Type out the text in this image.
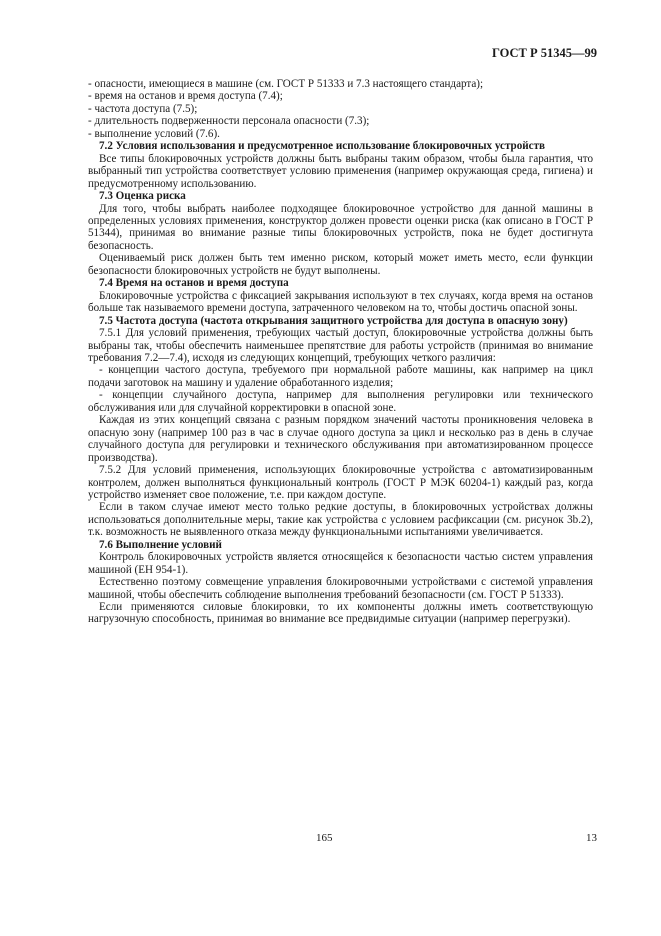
ГОСТ Р 51345—99

- опасности, имеющиеся в машине (см. ГОСТ Р 51333 и 7.3 настоящего стандарта);

- время на останов и время доступа (7.4);

- частота доступа (7.5);

- длительность подверженности персонала опасности (7.3);

- выполнение условий (7.6).

7.2 Условия использования и предусмотренное использование блокировочных устройств

Все типы блокировочных устройств должны быть выбраны таким образом, чтобы была гарантия, что выбранный тип устройства соответствует условию применения (например окружающая среда, гигиена) и предусмотренному использованию.

7.3 Оценка риска

Для того, чтобы выбрать наиболее подходящее блокировочное устройство для данной машины в определенных условиях применения, конструктор должен провести оценки риска (как описано в ГОСТ Р 51344), принимая во внимание разные типы блокировочных устройств, пока не будет достигнута безопасность.

Оцениваемый риск должен быть тем именно риском, который может иметь место, если функции безопасности блокировочных устройств не будут выполнены.

7.4 Время на останов и время доступа

Блокировочные устройства с фиксацией закрывания используют в тех случаях, когда время на останов больше так называемого времени доступа, затраченного человеком на то, чтобы достичь опасной зоны.

7.5 Частота доступа (частота открывания защитного устройства для доступа в опасную зону)

7.5.1 Для условий применения, требующих частый доступ, блокировочные устройства должны быть выбраны так, чтобы обеспечить наименьшее препятствие для работы устройств (принимая во внимание требования 7.2—7.4), исходя из следующих концепций, требующих четкого различия:

- концепции частого доступа, требуемого при нормальной работе машины, как например на цикл подачи заготовок на машину и удаление обработанного изделия;

- концепции случайного доступа, например для выполнения регулировки или технического обслуживания или для случайной корректировки в опасной зоне.

Каждая из этих концепций связана с разным порядком значений частоты проникновения человека в опасную зону (например 100 раз в час в случае одного доступа за цикл и несколько раз в день в случае случайного доступа для регулировки и технического обслуживания при автоматизированном процессе производства).

7.5.2 Для условий применения, использующих блокировочные устройства с автоматизированным контролем, должен выполняться функциональный контроль (ГОСТ Р МЭК 60204-1) каждый раз, когда устройство изменяет свое положение, т.е. при каждом доступе.

Если в таком случае имеют место только редкие доступы, в блокировочных устройствах должны использоваться дополнительные меры, такие как устройства с условием расфиксации (см. рисунок 3b.2), т.к. возможность не выявленного отказа между функциональными испытаниями увеличивается.

7.6 Выполнение условий

Контроль блокировочных устройств является относящейся к безопасности частью систем управления машиной (ЕН 954-1).

Естественно поэтому совмещение управления блокировочными устройствами с системой управления машиной, чтобы обеспечить соблюдение выполнения требований безопасности (см. ГОСТ Р 51333).

Если применяются силовые блокировки, то их компоненты должны иметь соответствующую нагрузочную способность, принимая во внимание все предвидимые ситуации (например перегрузки).

165	13
